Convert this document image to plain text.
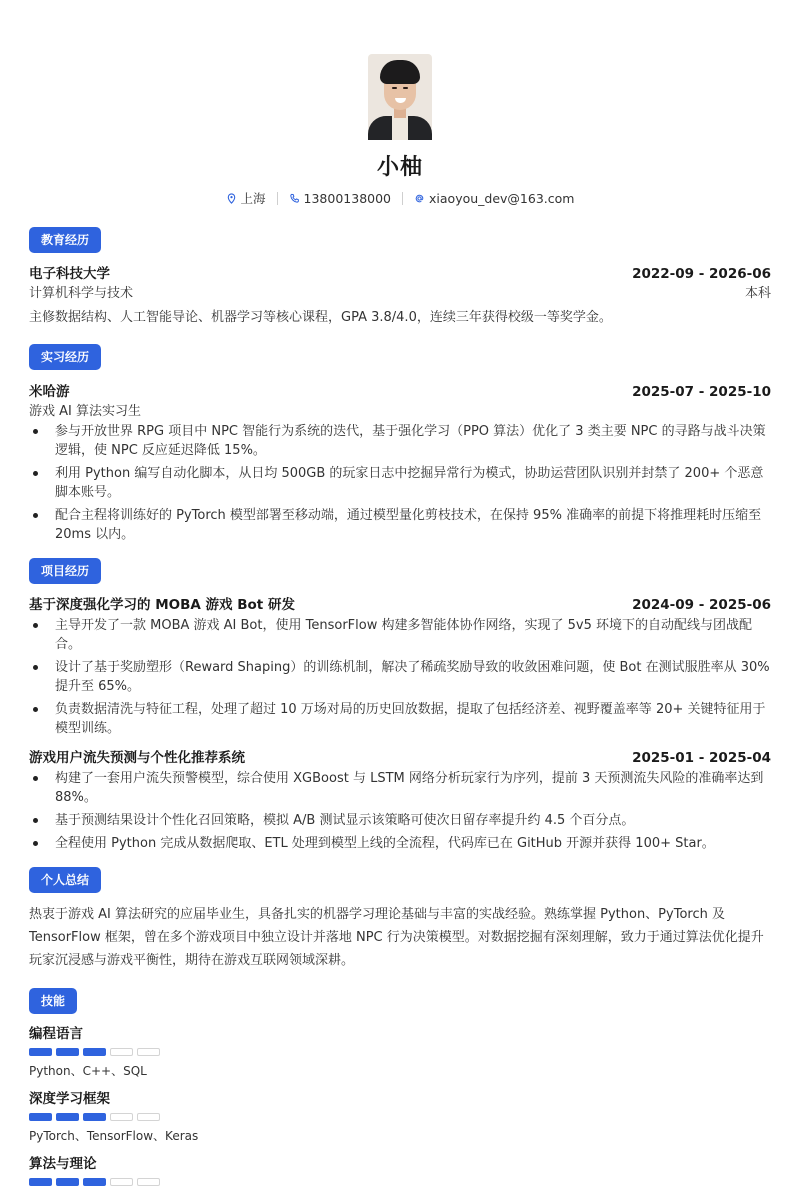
小柚
上海	13800138000	xiaoyou_dev@163.com
教育经历
电子科技大学	2022-09 - 2026-06
计算机科学与技术	本科
主修数据结构、人工智能导论、机器学习等核心课程，GPA 3.8/4.0，连续三年获得校级一等奖学金。
实习经历
米哈游	2025-07 - 2025-10
游戏 AI 算法实习生
参与开放世界 RPG 项目中 NPC 智能行为系统的迭代，基于强化学习（PPO 算法）优化了 3 类主要 NPC 的寻路与战斗决策逻辑，使 NPC 反应延迟降低 15%。
利用 Python 编写自动化脚本，从日均 500GB 的玩家日志中挖掘异常行为模式，协助运营团队识别并封禁了 200+ 个恶意脚本账号。
配合主程将训练好的 PyTorch 模型部署至移动端，通过模型量化剪枝技术，在保持 95% 准确率的前提下将推理耗时压缩至 20ms 以内。
项目经历
基于深度强化学习的 MOBA 游戏 Bot 研发	2024-09 - 2025-06
主导开发了一款 MOBA 游戏 AI Bot，使用 TensorFlow 构建多智能体协作网络，实现了 5v5 环境下的自动配线与团战配合。
设计了基于奖励塑形（Reward Shaping）的训练机制，解决了稀疏奖励导致的收敛困难问题，使 Bot 在测试服胜率从 30% 提升至 65%。
负责数据清洗与特征工程，处理了超过 10 万场对局的历史回放数据，提取了包括经济差、视野覆盖率等 20+ 关键特征用于模型训练。
游戏用户流失预测与个性化推荐系统	2025-01 - 2025-04
构建了一套用户流失预警模型，综合使用 XGBoost 与 LSTM 网络分析玩家行为序列，提前 3 天预测流失风险的准确率达到 88%。
基于预测结果设计个性化召回策略，模拟 A/B 测试显示该策略可使次日留存率提升约 4.5 个百分点。
全程使用 Python 完成从数据爬取、ETL 处理到模型上线的全流程，代码库已在 GitHub 开源并获得 100+ Star。
个人总结
热衷于游戏 AI 算法研究的应届毕业生，具备扎实的机器学习理论基础与丰富的实战经验。熟练掌握 Python、PyTorch 及 TensorFlow 框架，曾在多个游戏项目中独立设计并落地 NPC 行为决策模型。对数据挖掘有深刻理解，致力于通过算法优化提升玩家沉浸感与游戏平衡性，期待在游戏互联网领域深耕。
技能
编程语言
Python、C++、SQL
深度学习框架
PyTorch、TensorFlow、Keras
算法与理论
